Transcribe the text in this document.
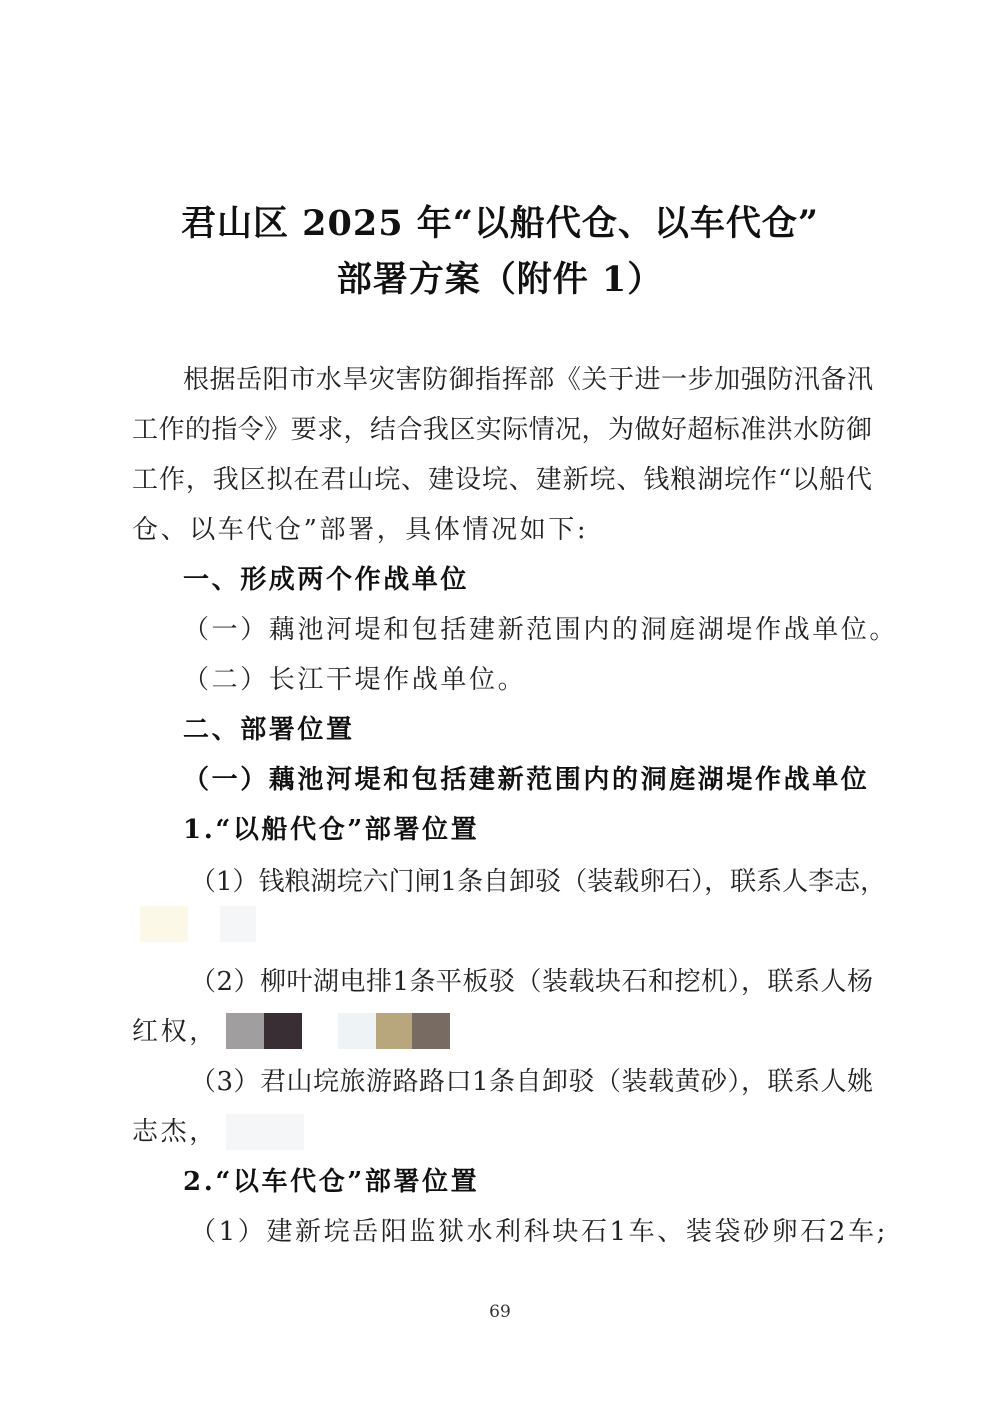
君山区 2025 年“以船代仓、以车代仓”
部署方案（附件 1）
根据岳阳市水旱灾害防御指挥部《关于进一步加强防汛备汛
工作的指令》要求，结合我区实际情况，为做好超标准洪水防御
工作，我区拟在君山垸、建设垸、建新垸、钱粮湖垸作“以船代
仓、以车代仓”部署，具体情况如下:
一、形成两个作战单位
（一）藕池河堤和包括建新范围内的洞庭湖堤作战单位。
（二）长江干堤作战单位。
二、部署位置
（一）藕池河堤和包括建新范围内的洞庭湖堤作战单位
1.“以船代仓”部署位置
（1）钱粮湖垸六门闸1条自卸驳（装载卵石），联系人李志，
（2）柳叶湖电排1条平板驳（装载块石和挖机），联系人杨
红权，
（3）君山垸旅游路路口1条自卸驳（装载黄砂），联系人姚
志杰，
2.“以车代仓”部署位置
（1）建新垸岳阳监狱水利科块石1车、装袋砂卵石2车;
69
